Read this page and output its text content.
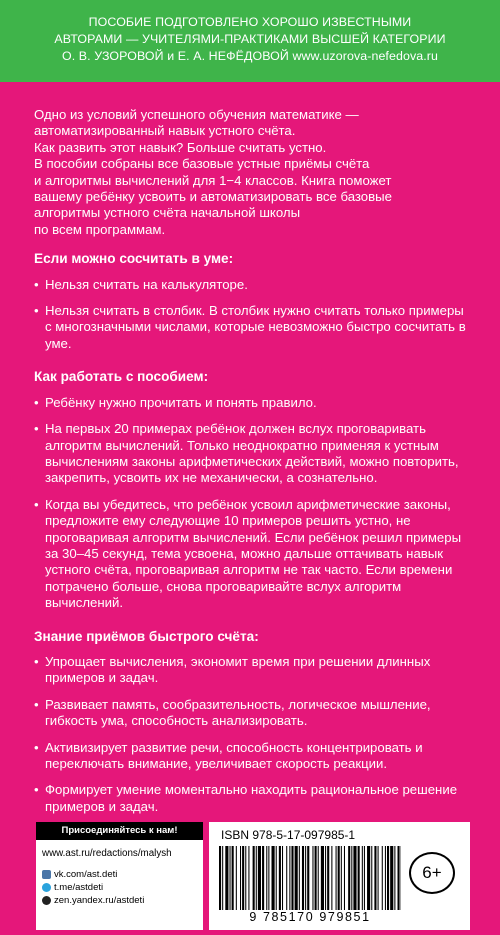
ПОСОБИЕ ПОДГОТОВЛЕНО ХОРОШО ИЗВЕСТНЫМИ
АВТОРАМИ — УЧИТЕЛЯМИ-ПРАКТИКАМИ ВЫСШЕЙ КАТЕГОРИИ
О. В. УЗОРОВОЙ и Е. А. НЕФЁДОВОЙ www.uzorova-nefedova.ru

Одно из условий успешного обучения математике —

автоматизированный навык устного счёта.

Как развить этот навык? Больше считать устно.

В пособии собраны все базовые устные приёмы счёта

и алгоритмы вычислений для 1−4 классов. Книга поможет

вашему ребёнку усвоить и автоматизировать все базовые

алгоритмы устного счёта начальной школы

по всем программам.

Если можно сосчитать в уме:
• Нельзя считать на калькуляторе.
• Нельзя считать в столбик. В столбик нужно считать только примеры с многозначными числами, которые невозможно быстро сосчитать в уме.
Как работать с пособием:
• Ребёнку нужно прочитать и понять правило.
• На первых 20 примерах ребёнок должен вслух проговаривать алгоритм вычислений. Только неоднократно применяя к устным вычислениям законы арифметических действий, можно повторить, закрепить, усвоить их не механически, а сознательно.
• Когда вы убедитесь, что ребёнок усвоил арифметические законы, предложите ему следующие 10 примеров решить устно, не проговаривая алгоритм вычислений. Если ребёнок решил примеры за 30–45 секунд, тема усвоена, можно дальше оттачивать навык устного счёта, проговаривая алгоритм не так часто. Если времени потрачено больше, снова проговаривайте вслух алгоритм вычислений.
Знание приёмов быстрого счёта:
• Упрощает вычисления, экономит время при решении длинных примеров и задач.
• Развивает память, сообразительность, логическое мышление, гибкость ума, способность анализировать.
• Активизирует развитие речи, способность концентрировать и переключать внимание, увеличивает скорость реакции.
• Формирует умение моментально находить рациональное решение примеров и задач.
Присоединяйтесь к нам!
www.ast.ru/redactions/malysh
vk.com/ast.deti
t.me/astdeti
zen.yandex.ru/astdeti
ISBN 978-5-17-097985-1
9 785170 979851
6+
